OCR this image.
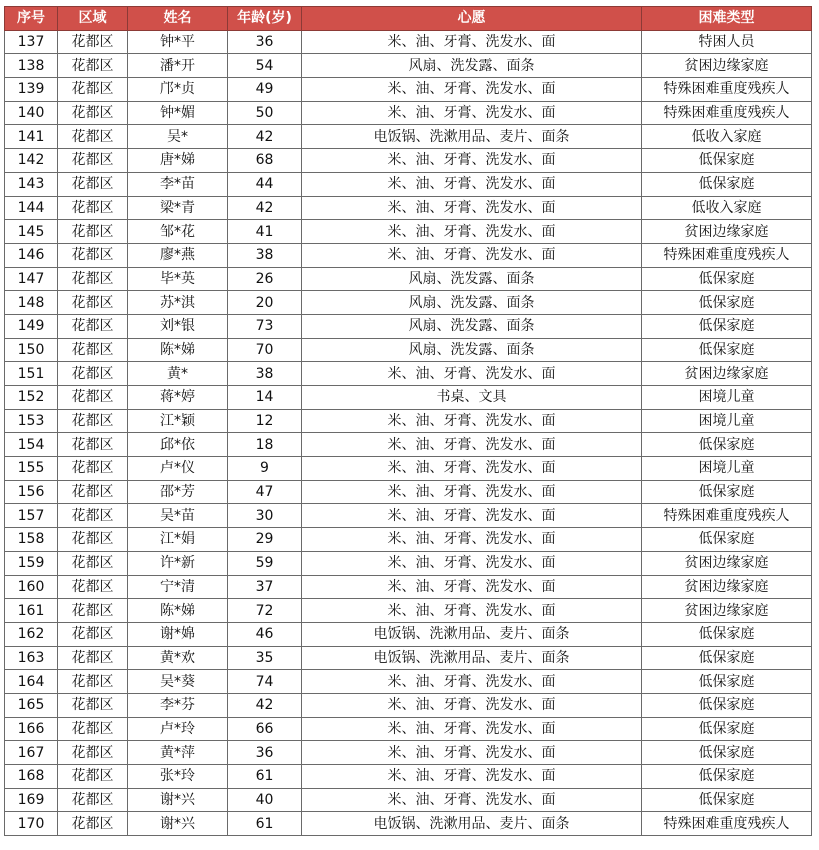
序号	区域	姓名	年龄(岁)	心愿	困难类型
137	花都区	钟*平	36	米、油、牙膏、洗发水、面	特困人员
138	花都区	潘*开	54	风扇、洗发露、面条	贫困边缘家庭
139	花都区	邝*贞	49	米、油、牙膏、洗发水、面	特殊困难重度残疾人
140	花都区	钟*媚	50	米、油、牙膏、洗发水、面	特殊困难重度残疾人
141	花都区	吴*	42	电饭锅、洗漱用品、麦片、面条	低收入家庭
142	花都区	唐*娣	68	米、油、牙膏、洗发水、面	低保家庭
143	花都区	李*苗	44	米、油、牙膏、洗发水、面	低保家庭
144	花都区	梁*青	42	米、油、牙膏、洗发水、面	低收入家庭
145	花都区	邹*花	41	米、油、牙膏、洗发水、面	贫困边缘家庭
146	花都区	廖*燕	38	米、油、牙膏、洗发水、面	特殊困难重度残疾人
147	花都区	毕*英	26	风扇、洗发露、面条	低保家庭
148	花都区	苏*淇	20	风扇、洗发露、面条	低保家庭
149	花都区	刘*银	73	风扇、洗发露、面条	低保家庭
150	花都区	陈*娣	70	风扇、洗发露、面条	低保家庭
151	花都区	黄*	38	米、油、牙膏、洗发水、面	贫困边缘家庭
152	花都区	蒋*婷	14	书桌、文具	困境儿童
153	花都区	江*颖	12	米、油、牙膏、洗发水、面	困境儿童
154	花都区	邱*依	18	米、油、牙膏、洗发水、面	低保家庭
155	花都区	卢*仪	9	米、油、牙膏、洗发水、面	困境儿童
156	花都区	邵*芳	47	米、油、牙膏、洗发水、面	低保家庭
157	花都区	吴*苗	30	米、油、牙膏、洗发水、面	特殊困难重度残疾人
158	花都区	江*娟	29	米、油、牙膏、洗发水、面	低保家庭
159	花都区	许*新	59	米、油、牙膏、洗发水、面	贫困边缘家庭
160	花都区	宁*清	37	米、油、牙膏、洗发水、面	贫困边缘家庭
161	花都区	陈*娣	72	米、油、牙膏、洗发水、面	贫困边缘家庭
162	花都区	谢*婂	46	电饭锅、洗漱用品、麦片、面条	低保家庭
163	花都区	黄*欢	35	电饭锅、洗漱用品、麦片、面条	低保家庭
164	花都区	吴*葵	74	米、油、牙膏、洗发水、面	低保家庭
165	花都区	李*芬	42	米、油、牙膏、洗发水、面	低保家庭
166	花都区	卢*玲	66	米、油、牙膏、洗发水、面	低保家庭
167	花都区	黄*萍	36	米、油、牙膏、洗发水、面	低保家庭
168	花都区	张*玲	61	米、油、牙膏、洗发水、面	低保家庭
169	花都区	谢*兴	40	米、油、牙膏、洗发水、面	低保家庭
170	花都区	谢*兴	61	电饭锅、洗漱用品、麦片、面条	特殊困难重度残疾人
